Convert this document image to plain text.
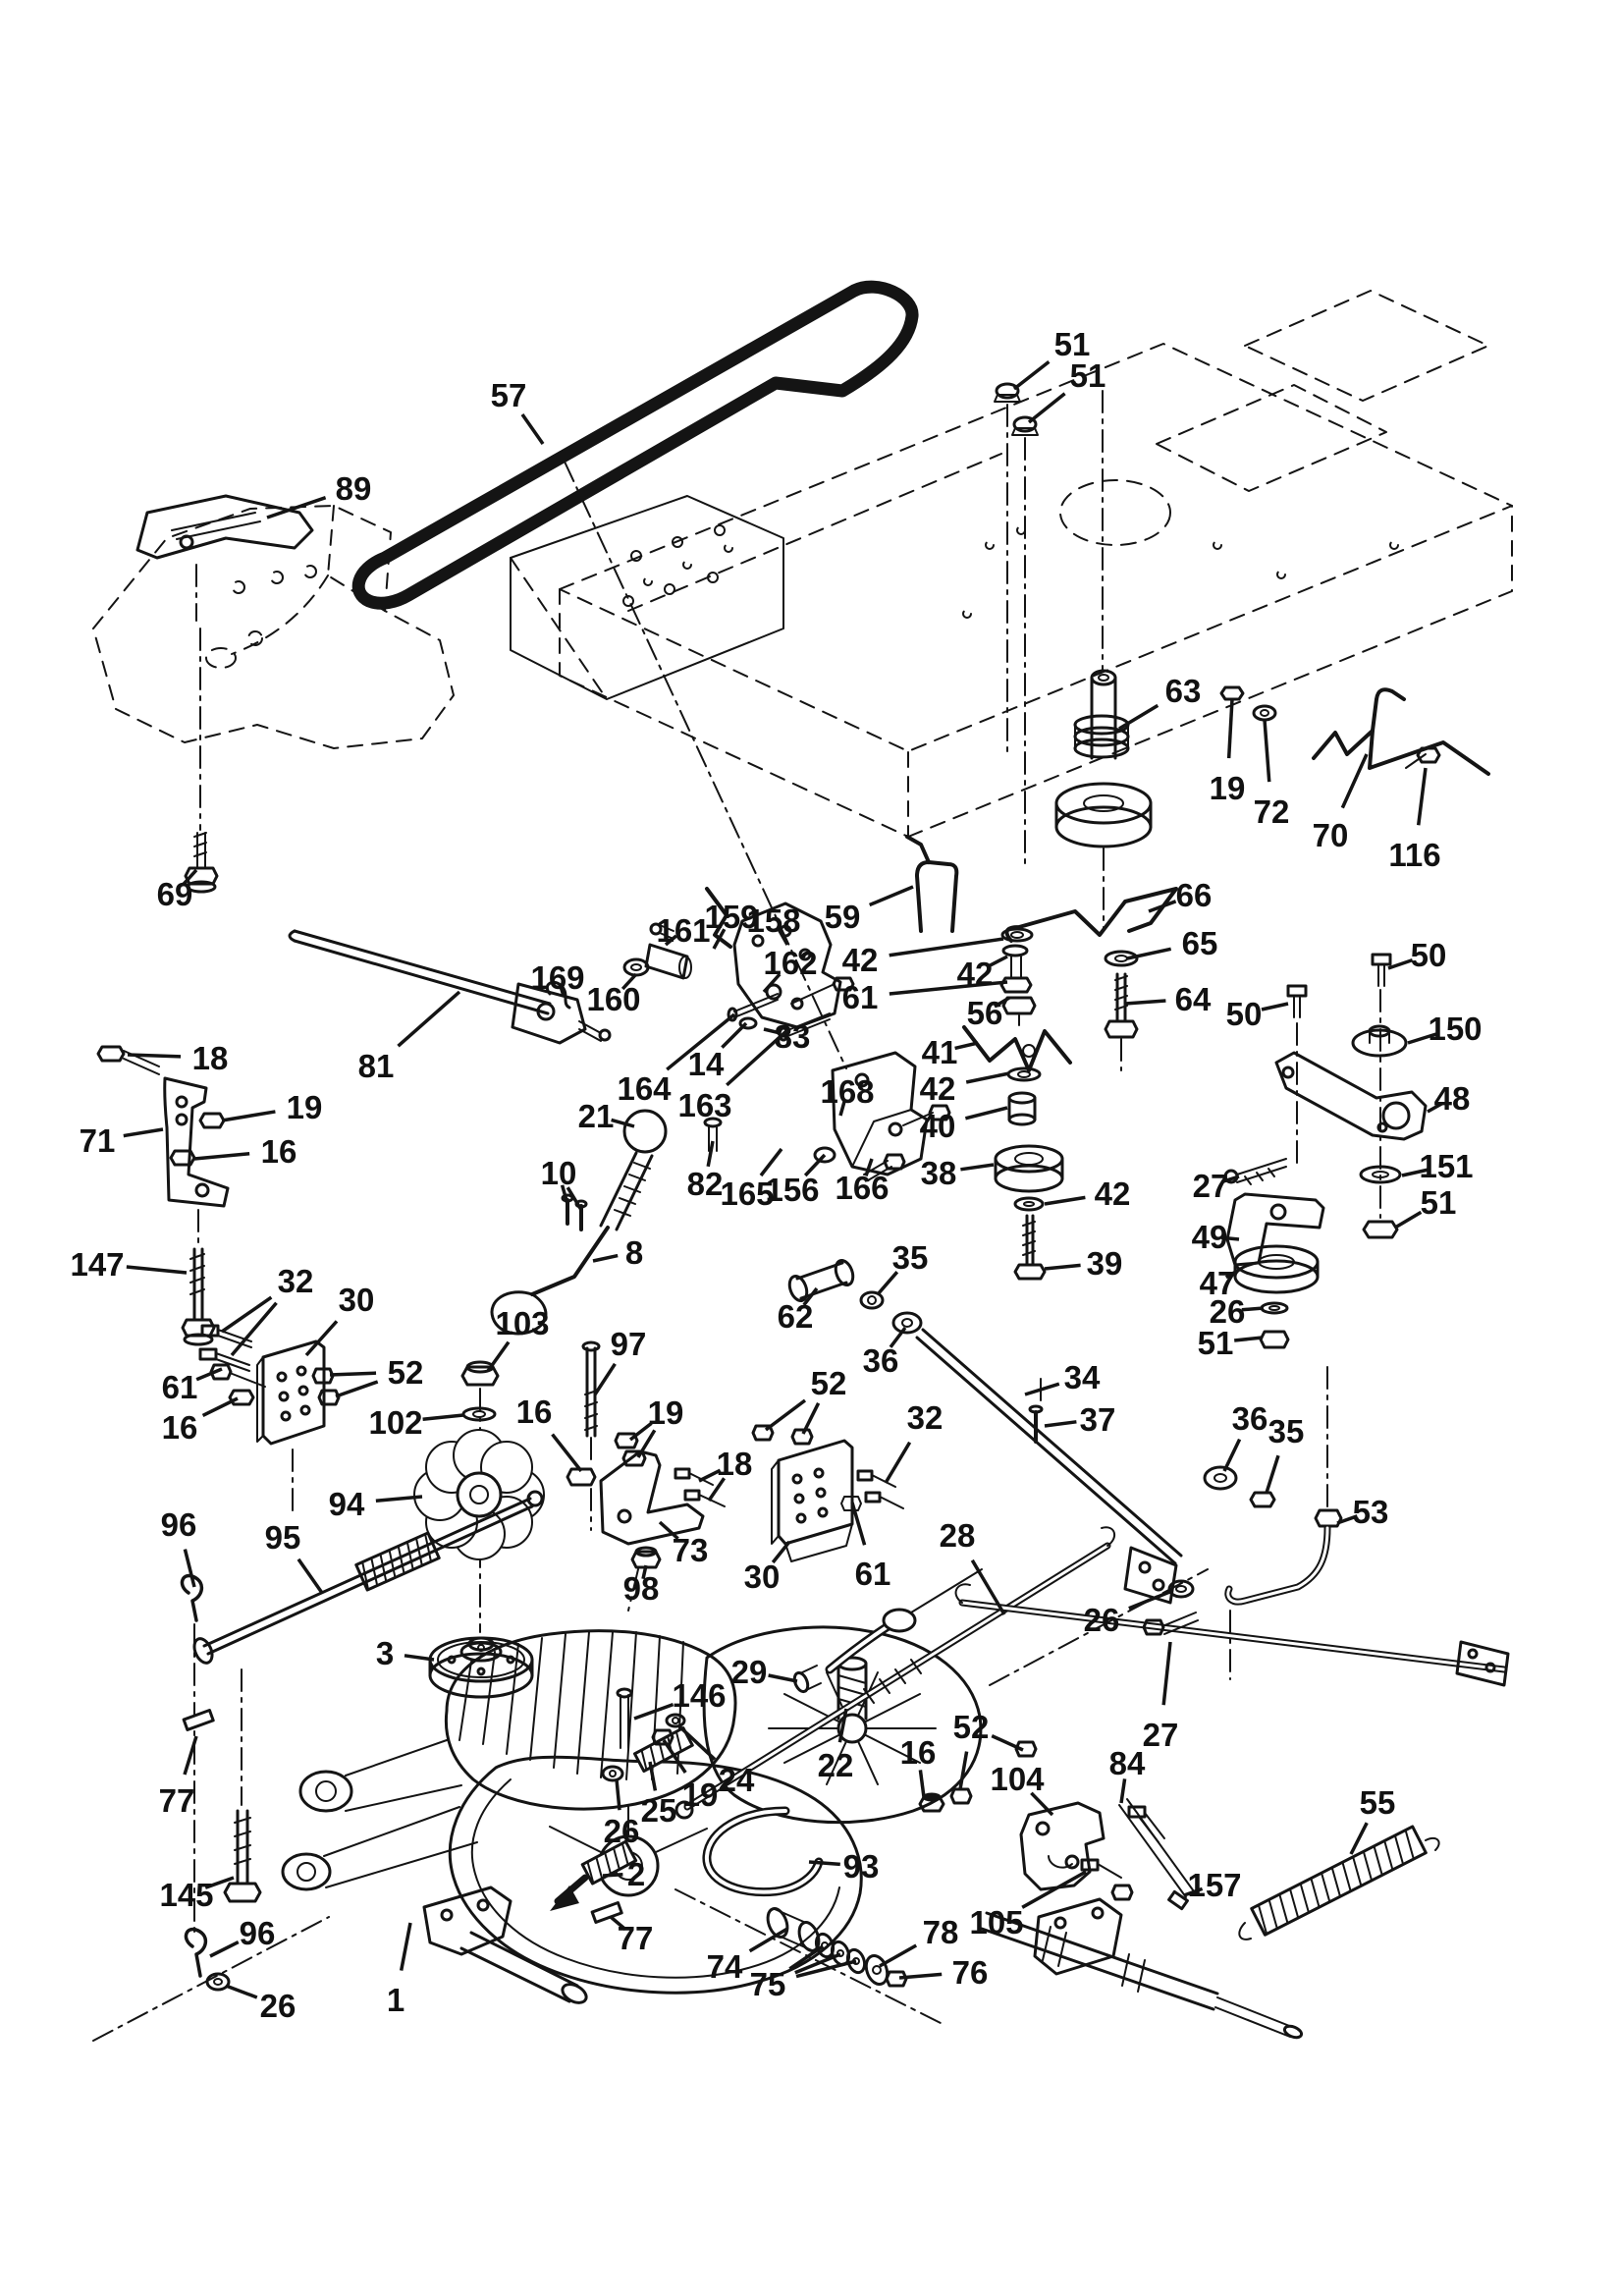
57
89
51
51
63
19
72
70
116
69
59
66
65
42
61
42
56	64 50
50
150
41
42
40
38
42
39
27
48
151
51
49
47
26
51
18
19
71	16
147
81
161
159
158
162
169
160
83
14
164 163	168
21
10	82
165
156 166
8
32
30
61
16
52
103
102	16
94
96 95
3
97
19
18
73
98
35
62
36
52
32
30 61
28
34
37	36 35
53
26
27
29
146
22 16
52
104 84
157
55
24
19
25
26
2	93
105
78
76
74 75
77
77
145
96
26	1
